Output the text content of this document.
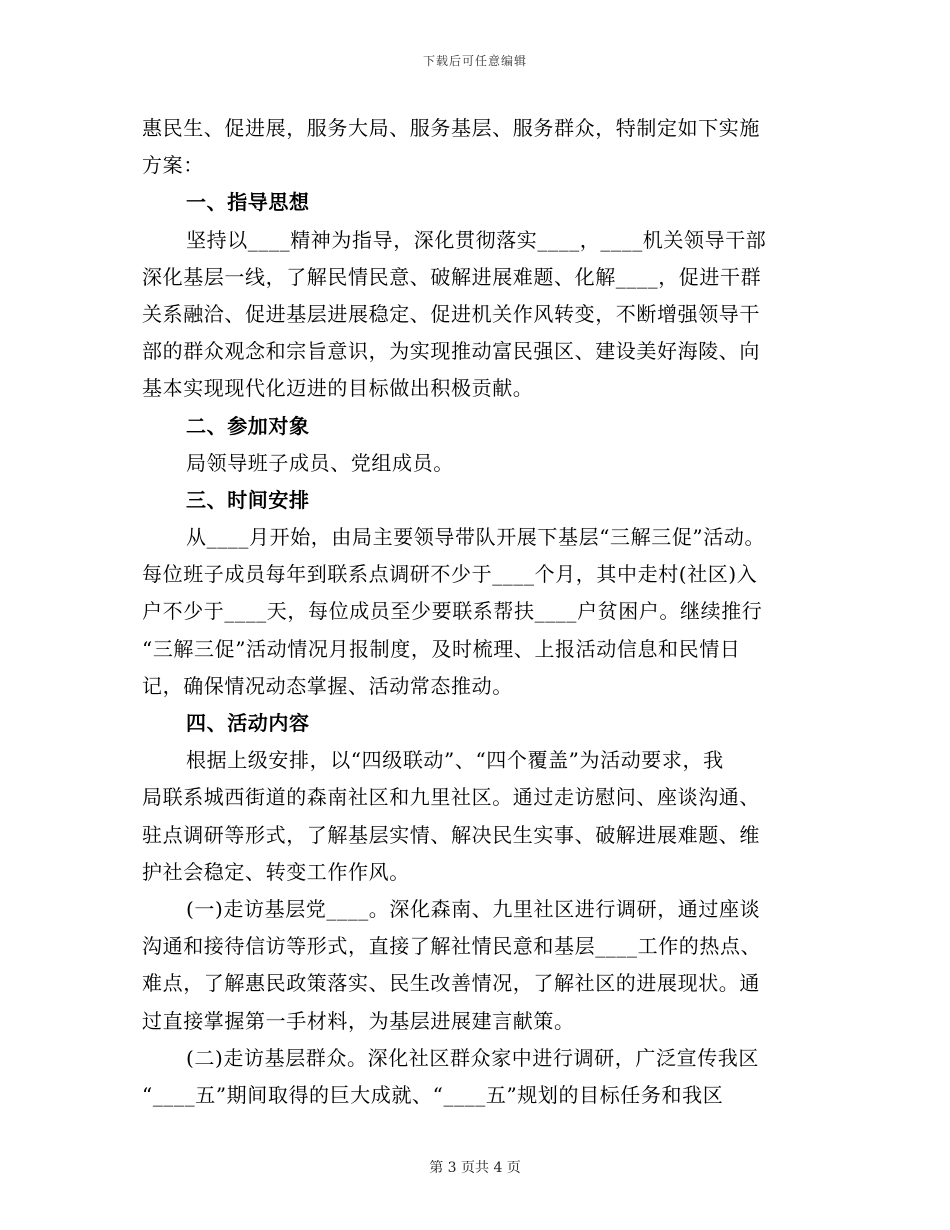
下载后可任意编辑
惠民生、促进展，服务大局、服务基层、服务群众，特制定如下实施
方案：
一、指导思想
坚持以____精神为指导，深化贯彻落实____，____机关领导干部
深化基层一线，了解民情民意、破解进展难题、化解____，促进干群
关系融洽、促进基层进展稳定、促进机关作风转变，不断增强领导干
部的群众观念和宗旨意识，为实现推动富民强区、建设美好海陵、向
基本实现现代化迈进的目标做出积极贡献。
二、参加对象
局领导班子成员、党组成员。
三、时间安排
从____月开始，由局主要领导带队开展下基层“三解三促”活动。
每位班子成员每年到联系点调研不少于____个月，其中走村(社区)入
户不少于____天，每位成员至少要联系帮扶____户贫困户。继续推行
“三解三促”活动情况月报制度，及时梳理、上报活动信息和民情日
记，确保情况动态掌握、活动常态推动。
四、活动内容
根据上级安排，以“四级联动”、“四个覆盖”为活动要求，我
局联系城西街道的森南社区和九里社区。通过走访慰问、座谈沟通、
驻点调研等形式，了解基层实情、解决民生实事、破解进展难题、维
护社会稳定、转变工作作风。
(一)走访基层党____。深化森南、九里社区进行调研，通过座谈
沟通和接待信访等形式，直接了解社情民意和基层____工作的热点、
难点，了解惠民政策落实、民生改善情况，了解社区的进展现状。通
过直接掌握第一手材料，为基层进展建言献策。
(二)走访基层群众。深化社区群众家中进行调研，广泛宣传我区
“____五”期间取得的巨大成就、“____五”规划的目标任务和我区
第 3 页共 4 页
